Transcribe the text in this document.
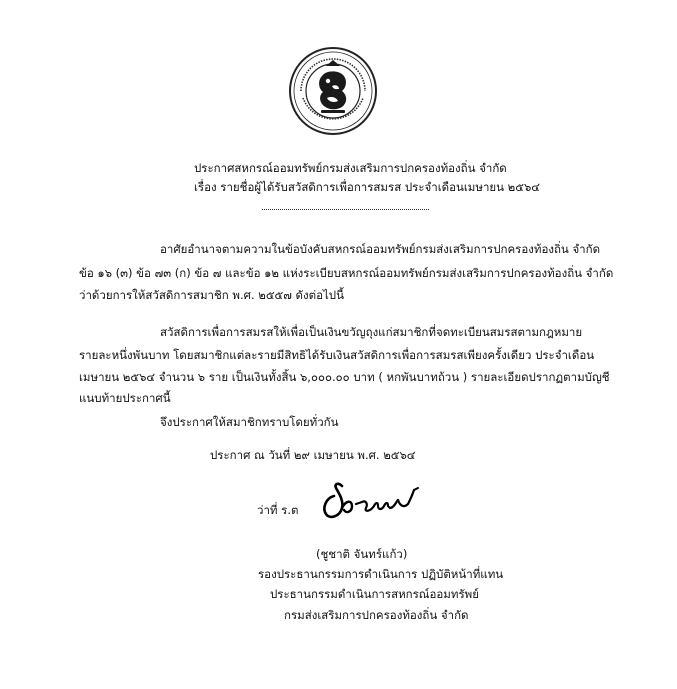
ประกาศสหกรณ์ออมทรัพย์กรมส่งเสริมการปกครองท้องถิ่น จำกัด
เรื่อง รายชื่อผู้ได้รับสวัสดิการเพื่อการสมรส ประจำเดือนเมษายน ๒๕๖๔
อาศัยอำนาจตามความในข้อบังคับสหกรณ์ออมทรัพย์กรมส่งเสริมการปกครองท้องถิ่น จำกัด
ข้อ ๑๖ (๓) ข้อ ๗๓ (ก) ข้อ ๗ และข้อ ๑๒ แห่งระเบียบสหกรณ์ออมทรัพย์กรมส่งเสริมการปกครองท้องถิ่น จำกัด
ว่าด้วยการให้สวัสดิการสมาชิก พ.ศ. ๒๕๕๗ ดังต่อไปนี้
สวัสดิการเพื่อการสมรสให้เพื่อเป็นเงินขวัญถุงแก่สมาชิกที่จดทะเบียนสมรสตามกฎหมาย
รายละหนึ่งพันบาท โดยสมาชิกแต่ละรายมีสิทธิได้รับเงินสวัสดิการเพื่อการสมรสเพียงครั้งเดียว ประจำเดือน
เมษายน ๒๕๖๔ จำนวน ๖ ราย เป็นเงินทั้งสิ้น ๖,๐๐๐.๐๐ บาท ( หกพันบาทถ้วน ) รายละเอียดปรากฏตามบัญชี
แนบท้ายประกาศนี้
จึงประกาศให้สมาชิกทราบโดยทั่วกัน
ประกาศ ณ วันที่ ๒๙ เมษายน พ.ศ. ๒๕๖๔
ว่าที่ ร.ต
(ชูชาติ จันทร์แก้ว)
รองประธานกรรมการดำเนินการ ปฏิบัติหน้าที่แทน
ประธานกรรมดำเนินการสหกรณ์ออมทรัพย์
กรมส่งเสริมการปกครองท้องถิ่น จำกัด
